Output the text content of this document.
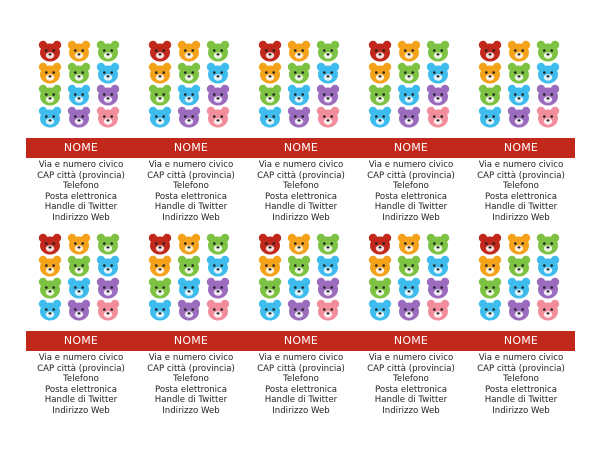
NOME
Via e numero civico
CAP città (provincia)
Telefono
Posta elettronica
Handle di Twitter
Indirizzo Web
NOME
Via e numero civico
CAP città (provincia)
Telefono
Posta elettronica
Handle di Twitter
Indirizzo Web
NOME
Via e numero civico
CAP città (provincia)
Telefono
Posta elettronica
Handle di Twitter
Indirizzo Web
NOME
Via e numero civico
CAP città (provincia)
Telefono
Posta elettronica
Handle di Twitter
Indirizzo Web
NOME
Via e numero civico
CAP città (provincia)
Telefono
Posta elettronica
Handle di Twitter
Indirizzo Web
NOME
Via e numero civico
CAP città (provincia)
Telefono
Posta elettronica
Handle di Twitter
Indirizzo Web
NOME
Via e numero civico
CAP città (provincia)
Telefono
Posta elettronica
Handle di Twitter
Indirizzo Web
NOME
Via e numero civico
CAP città (provincia)
Telefono
Posta elettronica
Handle di Twitter
Indirizzo Web
NOME
Via e numero civico
CAP città (provincia)
Telefono
Posta elettronica
Handle di Twitter
Indirizzo Web
NOME
Via e numero civico
CAP città (provincia)
Telefono
Posta elettronica
Handle di Twitter
Indirizzo Web
